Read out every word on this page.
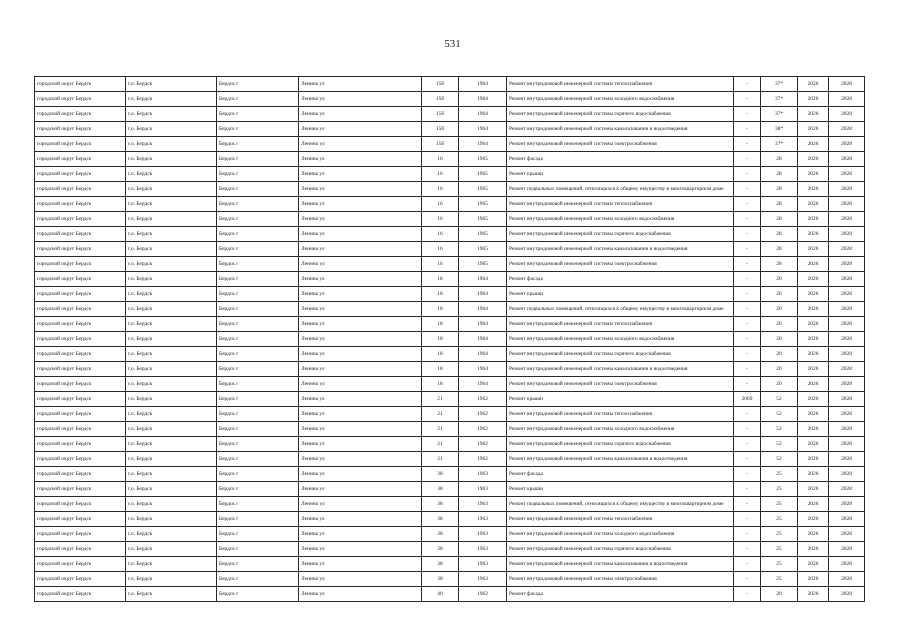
531
городской округ Бердск	г.о. Бердск	Бердск г	Ленина ул	15б	1964	Ремонт внутридомовой инженерной системы теплоснабжения	-	37*	2026	2028
городской округ Бердск	г.о. Бердск	Бердск г	Ленина ул	15б	1964	Ремонт внутридомовой инженерной системы холодного водоснабжения	-	37*	2026	2028
городской округ Бердск	г.о. Бердск	Бердск г	Ленина ул	15б	1964	Ремонт внутридомовой инженерной системы горячего водоснабжения	-	37*	2026	2028
городской округ Бердск	г.о. Бердск	Бердск г	Ленина ул	15б	1964	Ремонт внутридомовой инженерной системы канализования и водоотведения	-	38*	2026	2028
городской округ Бердск	г.о. Бердск	Бердск г	Ленина ул	15б	1964	Ремонт внутридомовой инженерной системы электроснабжения	-	37*	2026	2028
городской округ Бердск	г.о. Бердск	Бердск г	Ленина ул	16	1965	Ремонт фасада	-	28	2026	2028
городской округ Бердск	г.о. Бердск	Бердск г	Ленина ул	16	1965	Ремонт крыши	-	28	2026	2028
городской округ Бердск	г.о. Бердск	Бердск г	Ленина ул	16	1965	Ремонт подвальных помещений, относящихся к общему имуществу в многоквартирном доме	-	28	2026	2028
городской округ Бердск	г.о. Бердск	Бердск г	Ленина ул	16	1965	Ремонт внутридомовой инженерной системы теплоснабжения	-	28	2026	2028
городской округ Бердск	г.о. Бердск	Бердск г	Ленина ул	16	1965	Ремонт внутридомовой инженерной системы холодного водоснабжения	-	28	2026	2028
городской округ Бердск	г.о. Бердск	Бердск г	Ленина ул	16	1965	Ремонт внутридомовой инженерной системы горячего водоснабжения	-	28	2026	2028
городской округ Бердск	г.о. Бердск	Бердск г	Ленина ул	16	1965	Ремонт внутридомовой инженерной системы канализования и водоотведения	-	28	2026	2028
городской округ Бердск	г.о. Бердск	Бердск г	Ленина ул	16	1965	Ремонт внутридомовой инженерной системы электроснабжения	-	28	2026	2028
городской округ Бердск	г.о. Бердск	Бердск г	Ленина ул	18	1964	Ремонт фасада	-	20	2026	2028
городской округ Бердск	г.о. Бердск	Бердск г	Ленина ул	18	1964	Ремонт крыши	-	20	2026	2028
городской округ Бердск	г.о. Бердск	Бердск г	Ленина ул	18	1964	Ремонт подвальных помещений, относящихся к общему имуществу в многоквартирном доме	-	20	2026	2028
городской округ Бердск	г.о. Бердск	Бердск г	Ленина ул	18	1964	Ремонт внутридомовой инженерной системы теплоснабжения	-	20	2026	2028
городской округ Бердск	г.о. Бердск	Бердск г	Ленина ул	18	1964	Ремонт внутридомовой инженерной системы холодного водоснабжения	-	20	2026	2028
городской округ Бердск	г.о. Бердск	Бердск г	Ленина ул	18	1964	Ремонт внутридомовой инженерной системы горячего водоснабжения	-	20	2026	2028
городской округ Бердск	г.о. Бердск	Бердск г	Ленина ул	18	1964	Ремонт внутридомовой инженерной системы канализования и водоотведения	-	20	2026	2028
городской округ Бердск	г.о. Бердск	Бердск г	Ленина ул	18	1964	Ремонт внутридомовой инженерной системы электроснабжения	-	20	2026	2028
городской округ Бердск	г.о. Бердск	Бердск г	Ленина ул	21	1962	Ремонт крыши	2069	52	2026	2028
городской округ Бердск	г.о. Бердск	Бердск г	Ленина ул	21	1962	Ремонт внутридомовой инженерной системы теплоснабжения	-	52	2026	2028
городской округ Бердск	г.о. Бердск	Бердск г	Ленина ул	21	1962	Ремонт внутридомовой инженерной системы холодного водоснабжения	-	52	2026	2028
городской округ Бердск	г.о. Бердск	Бердск г	Ленина ул	21	1962	Ремонт внутридомовой инженерной системы горячего водоснабжения	-	52	2026	2028
городской округ Бердск	г.о. Бердск	Бердск г	Ленина ул	21	1962	Ремонт внутридомовой инженерной системы канализования и водоотведения	-	52	2026	2028
городской округ Бердск	г.о. Бердск	Бердск г	Ленина ул	38	1963	Ремонт фасада	-	25	2026	2028
городской округ Бердск	г.о. Бердск	Бердск г	Ленина ул	38	1963	Ремонт крыши	-	25	2026	2028
городской округ Бердск	г.о. Бердск	Бердск г	Ленина ул	38	1963	Ремонт подвальных помещений, относящихся к общему имуществу в многоквартирном доме	-	25	2026	2028
городской округ Бердск	г.о. Бердск	Бердск г	Ленина ул	38	1963	Ремонт внутридомовой инженерной системы теплоснабжения	-	25	2026	2028
городской округ Бердск	г.о. Бердск	Бердск г	Ленина ул	38	1963	Ремонт внутридомовой инженерной системы холодного водоснабжения	-	25	2026	2028
городской округ Бердск	г.о. Бердск	Бердск г	Ленина ул	38	1963	Ремонт внутридомовой инженерной системы горячего водоснабжения	-	25	2026	2028
городской округ Бердск	г.о. Бердск	Бердск г	Ленина ул	38	1963	Ремонт внутридомовой инженерной системы канализования и водоотведения	-	25	2026	2028
городской округ Бердск	г.о. Бердск	Бердск г	Ленина ул	38	1963	Ремонт внутридомовой инженерной системы электроснабжения	-	25	2026	2028
городской округ Бердск	г.о. Бердск	Бердск г	Ленина ул	40	1962	Ремонт фасада	-	20	2026	2028
